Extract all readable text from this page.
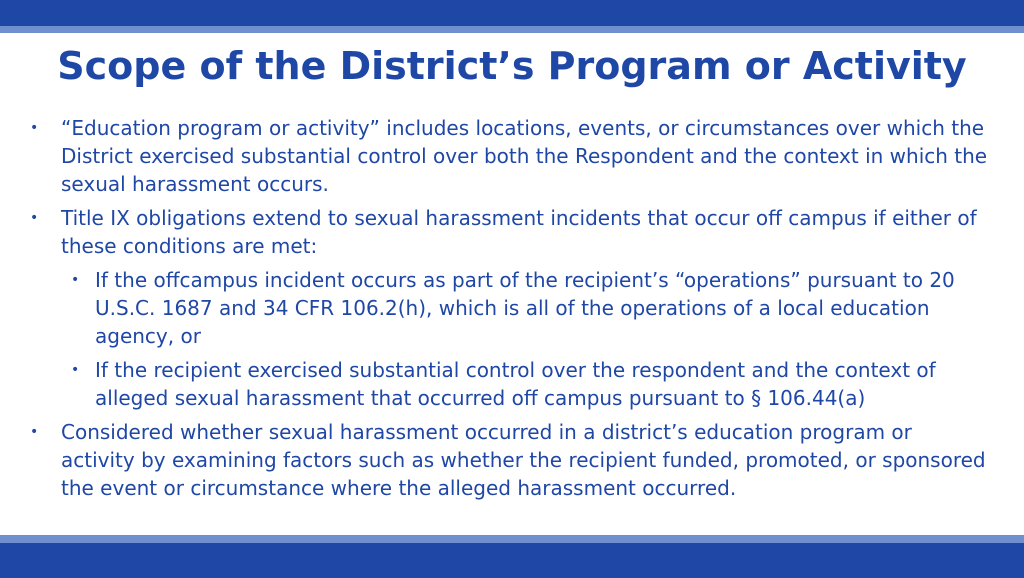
Scope of the District’s Program or Activity
• “Education program or activity” includes locations, events, or circumstances over which the District exercised substantial control over both the Respondent and the context in which the sexual harassment occurs.
• Title IX obligations extend to sexual harassment incidents that occur off campus if either of these conditions are met:
• If the offcampus incident occurs as part of the recipient’s “operations” pursuant to 20 U.S.C. 1687 and 34 CFR 106.2(h), which is all of the operations of a local education agency, or
• If the recipient exercised substantial control over the respondent and the context of alleged sexual harassment that occurred off campus pursuant to § 106.44(a)
• Considered whether sexual harassment occurred in a district’s education program or activity by examining factors such as whether the recipient funded, promoted, or sponsored the event or circumstance where the alleged harassment occurred.
